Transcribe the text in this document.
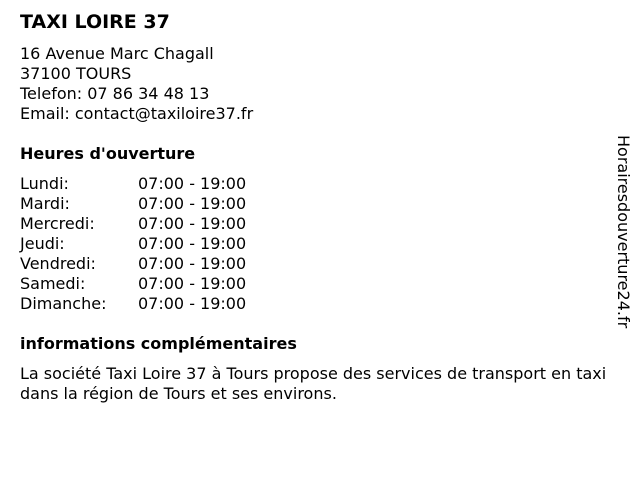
TAXI LOIRE 37
16 Avenue Marc Chagall
37100 TOURS
Telefon: 07 86 34 48 13
Email: contact@taxiloire37.fr
Heures d'ouverture
Lundi:	07:00 - 19:00
Mardi:	07:00 - 19:00
Mercredi:	07:00 - 19:00
Jeudi:	07:00 - 19:00
Vendredi:	07:00 - 19:00
Samedi:	07:00 - 19:00
Dimanche:	07:00 - 19:00
informations complémentaires
La société Taxi Loire 37 à Tours propose des services de transport en taxi dans la région de Tours et ses environs.
Horairesdouverture24.fr
